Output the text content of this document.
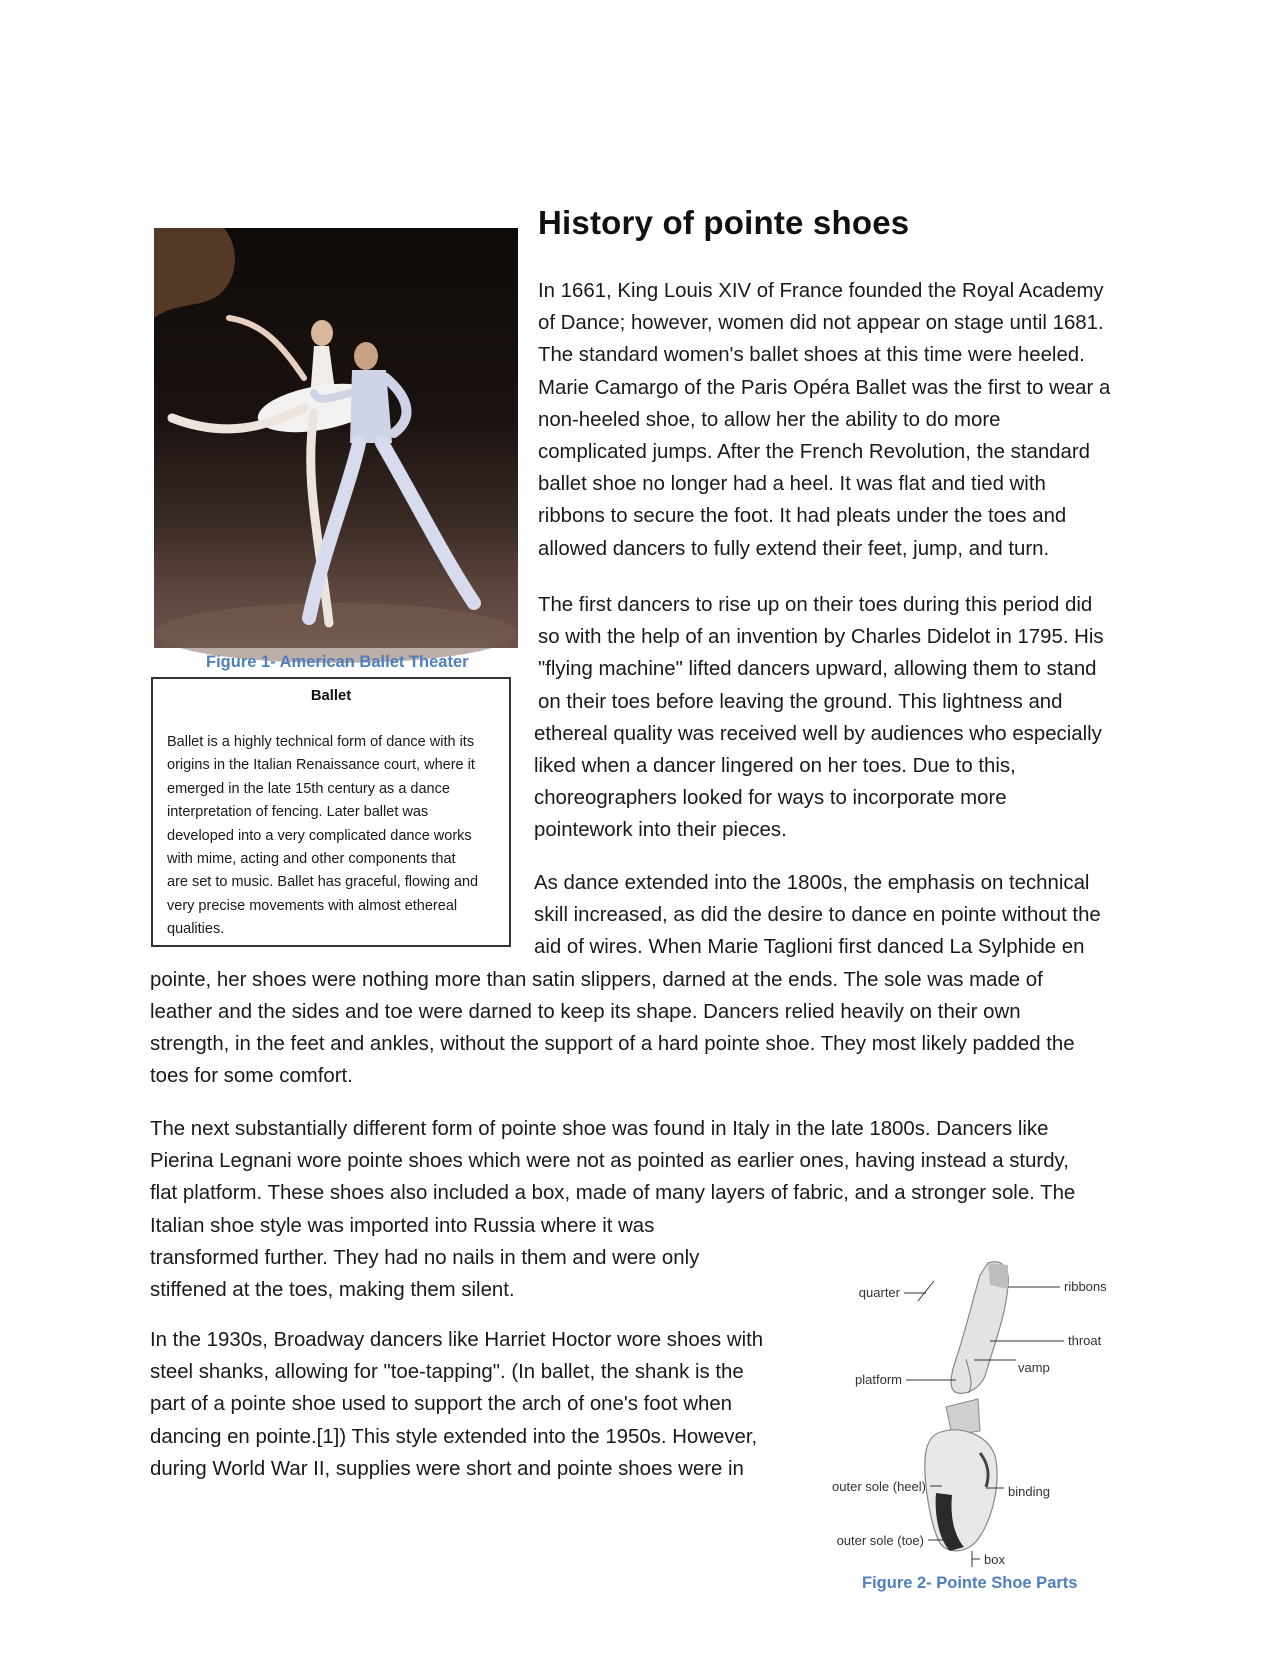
History of pointe shoes

Figure 1- American Ballet Theater

Ballet

Ballet is a highly technical form of dance with its
origins in the Italian Renaissance court, where it
emerged in the late 15th century as a dance
interpretation of fencing. Later ballet was
developed into a very complicated dance works
with mime, acting and other components that
are set to music. Ballet has graceful, flowing and
very precise movements with almost ethereal
qualities.

In 1661, King Louis XIV of France founded the Royal Academy
of Dance; however, women did not appear on stage until 1681.
The standard women's ballet shoes at this time were heeled.
Marie Camargo of the Paris Opéra Ballet was the first to wear a
non-heeled shoe, to allow her the ability to do more
complicated jumps. After the French Revolution, the standard
ballet shoe no longer had a heel. It was flat and tied with
ribbons to secure the foot. It had pleats under the toes and
allowed dancers to fully extend their feet, jump, and turn.

The first dancers to rise up on their toes during this period did
so with the help of an invention by Charles Didelot in 1795. His
"flying machine" lifted dancers upward, allowing them to stand
on their toes before leaving the ground. This lightness and
ethereal quality was received well by audiences who especially
liked when a dancer lingered on her toes. Due to this,
choreographers looked for ways to incorporate more
pointework into their pieces.

As dance extended into the 1800s, the emphasis on technical
skill increased, as did the desire to dance en pointe without the
aid of wires. When Marie Taglioni first danced La Sylphide en
pointe, her shoes were nothing more than satin slippers, darned at the ends. The sole was made of
leather and the sides and toe were darned to keep its shape. Dancers relied heavily on their own
strength, in the feet and ankles, without the support of a hard pointe shoe. They most likely padded the
toes for some comfort.

The next substantially different form of pointe shoe was found in Italy in the late 1800s. Dancers like
Pierina Legnani wore pointe shoes which were not as pointed as earlier ones, having instead a sturdy,
flat platform. These shoes also included a box, made of many layers of fabric, and a stronger sole. The
Italian shoe style was imported into Russia where it was
transformed further. They had no nails in them and were only
stiffened at the toes, making them silent.

In the 1930s, Broadway dancers like Harriet Hoctor wore shoes with
steel shanks, allowing for "toe-tapping". (In ballet, the shank is the
part of a pointe shoe used to support the arch of one's foot when
dancing en pointe.[1]) This style extended into the 1950s. However,
during World War II, supplies were short and pointe shoes were in

quarter	ribbons
throat
vamp
platform
outer sole (heel)	binding
outer sole (toe)
box

Figure 2- Pointe Shoe Parts
